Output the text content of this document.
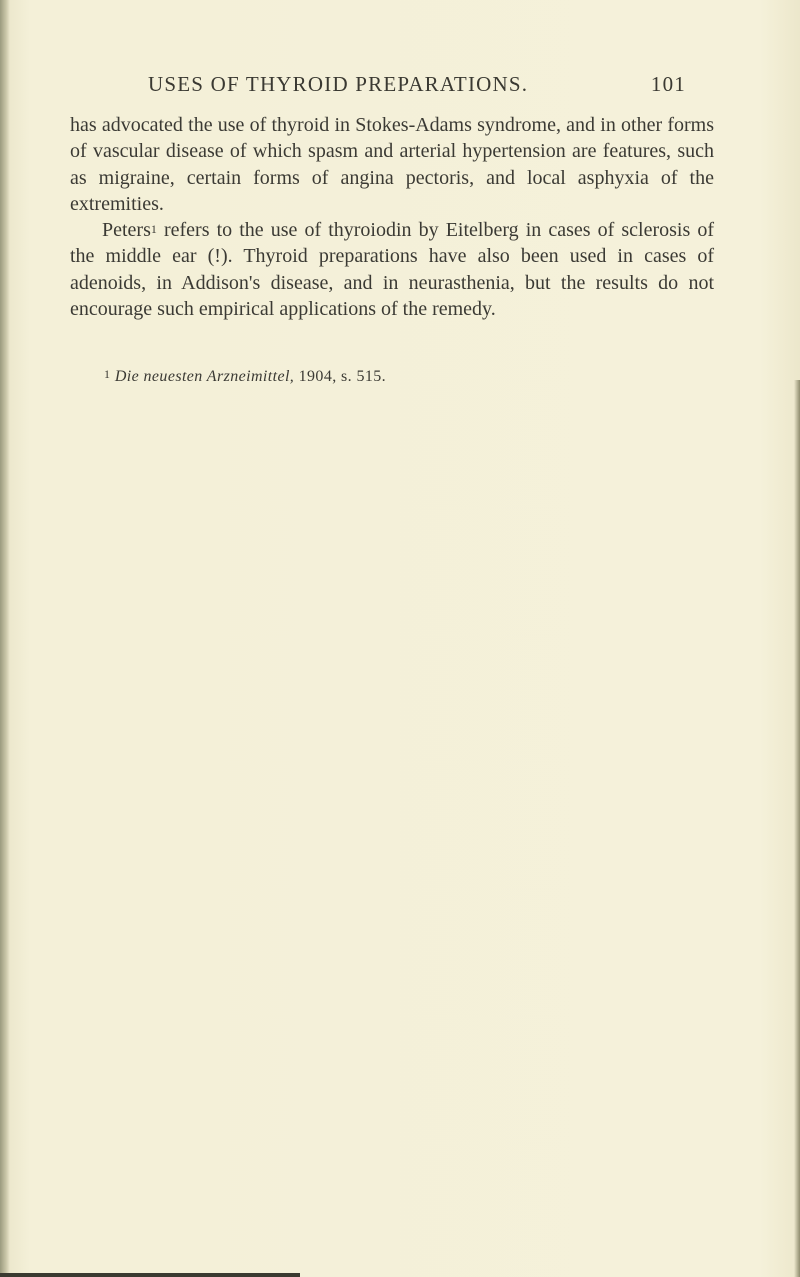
USES OF THYROID PREPARATIONS.	101

has advocated the use of thyroid in Stokes-Adams syndrome, and in other forms of vascular disease of which spasm and arterial hypertension are features, such as migraine, certain forms of angina pectoris, and local asphyxia of the extremities.

Peters$^1$ refers to the use of thyroiodin by Eitelberg in cases of sclerosis of the middle ear (!). Thyroid preparations have also been used in cases of adenoids, in Addison's disease, and in neurasthenia, but the results do not encourage such empirical applications of the remedy.

$^1$ Die neuesten Arzneimittel, 1904, s. 515.
